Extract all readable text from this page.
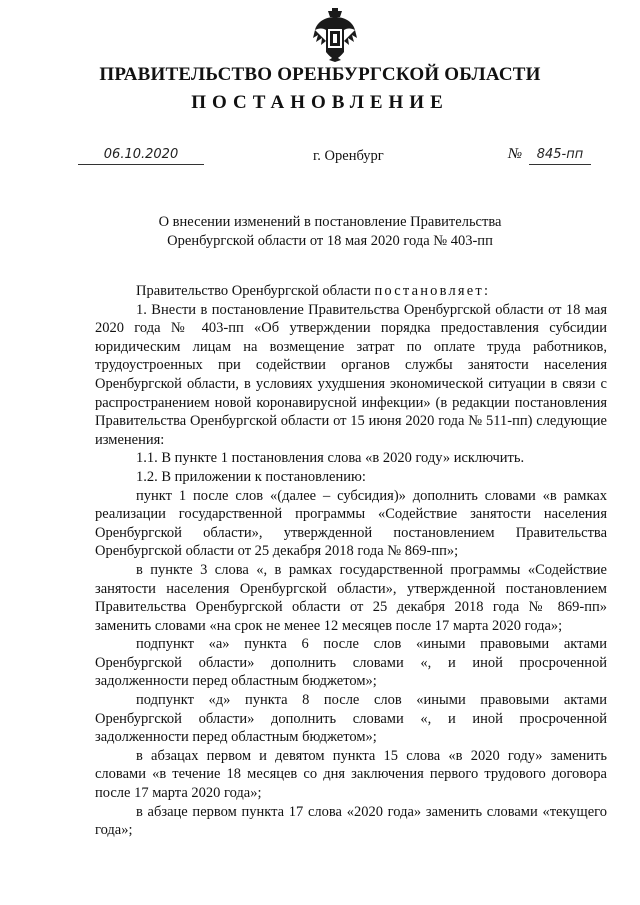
ПРАВИТЕЛЬСТВО ОРЕНБУРГСКОЙ ОБЛАСТИ
ПОСТАНОВЛЕНИЕ
06.10.2020	г. Оренбург	№	845-пп
О внесении изменений в постановление Правительства
Оренбургской области от 18 мая 2020 года № 403-пп

Правительство Оренбургской области постановляет:

1. Внести в постановление Правительства Оренбургской области от 18 мая 2020 года № 403-пп «Об утверждении порядка предоставления субсидии юридическим лицам на возмещение затрат по оплате труда работников, трудоустроенных при содействии органов службы занятости населения Оренбургской области, в условиях ухудшения экономической ситуации в связи с распространением новой коронавирусной инфекции» (в редакции постановления Правительства Оренбургской области от 15 июня 2020 года № 511-пп) следующие изменения:

1.1. В пункте 1 постановления слова «в 2020 году» исключить.

1.2. В приложении к постановлению:

пункт 1 после слов «(далее – субсидия)» дополнить словами «в рамках реализации государственной программы «Содействие занятости населения Оренбургской области», утвержденной постановлением Правительства Оренбургской области от 25 декабря 2018 года № 869-пп»;

в пункте 3 слова «, в рамках государственной программы «Содействие занятости населения Оренбургской области», утвержденной постановлением Правительства Оренбургской области от 25 декабря 2018 года № 869-пп» заменить словами «на срок не менее 12 месяцев после 17 марта 2020 года»;

подпункт «а» пункта 6 после слов «иными правовыми актами Оренбургской области» дополнить словами «, и иной просроченной задолженности перед областным бюджетом»;

подпункт «д» пункта 8 после слов «иными правовыми актами Оренбургской области» дополнить словами «, и иной просроченной задолженности перед областным бюджетом»;

в абзацах первом и девятом пункта 15 слова «в 2020 году» заменить словами «в течение 18 месяцев со дня заключения первого трудового договора после 17 марта 2020 года»;

в абзаце первом пункта 17 слова «2020 года» заменить словами «текущего года»;
